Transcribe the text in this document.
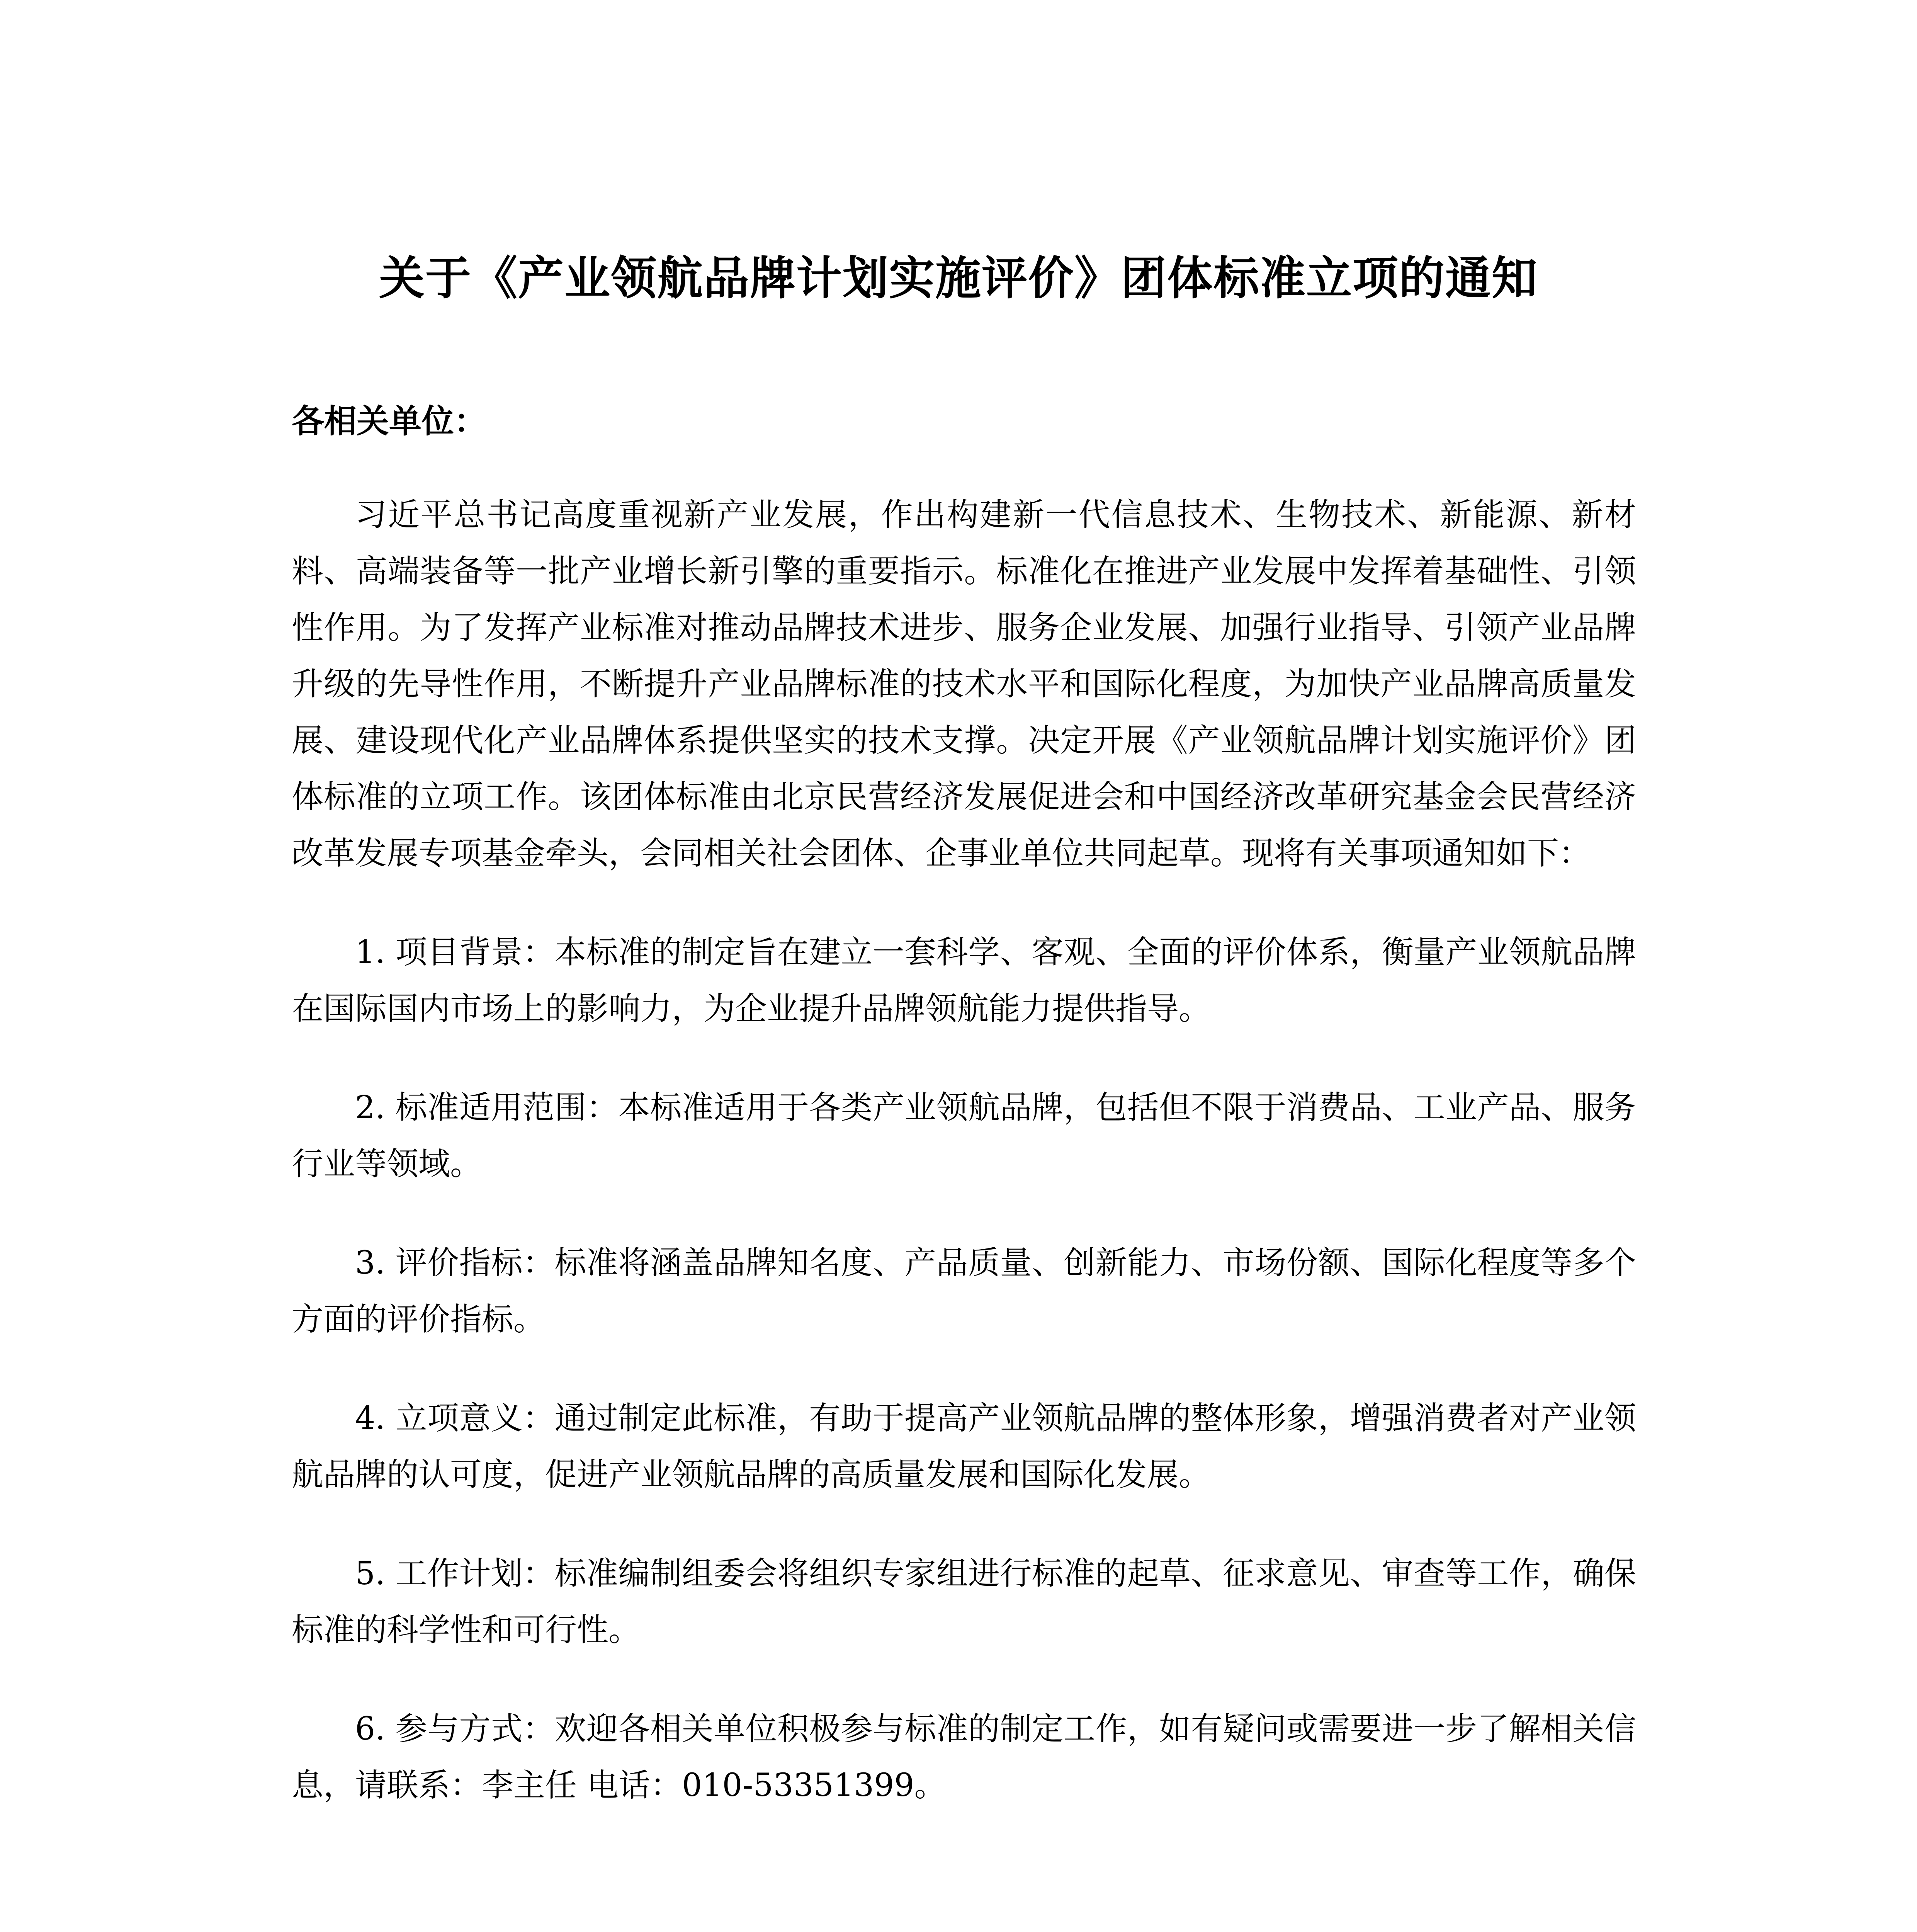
关于《产业领航品牌计划实施评价》团体标准立项的通知

各相关单位：

习近平总书记高度重视新产业发展，作出构建新一代信息技术、生物技术、新能源、新材料、高端装备等一批产业增长新引擎的重要指示。标准化在推进产业发展中发挥着基础性、引领性作用。为了发挥产业标准对推动品牌技术进步、服务企业发展、加强行业指导、引领产业品牌升级的先导性作用，不断提升产业品牌标准的技术水平和国际化程度，为加快产业品牌高质量发展、建设现代化产业品牌体系提供坚实的技术支撑。决定开展《产业领航品牌计划实施评价》团体标准的立项工作。该团体标准由北京民营经济发展促进会和中国经济改革研究基金会民营经济改革发展专项基金牵头，会同相关社会团体、企事业单位共同起草。现将有关事项通知如下：

1. 项目背景：本标准的制定旨在建立一套科学、客观、全面的评价体系，衡量产业领航品牌在国际国内市场上的影响力，为企业提升品牌领航能力提供指导。

2. 标准适用范围：本标准适用于各类产业领航品牌，包括但不限于消费品、工业产品、服务行业等领域。

3. 评价指标：标准将涵盖品牌知名度、产品质量、创新能力、市场份额、国际化程度等多个方面的评价指标。

4. 立项意义：通过制定此标准，有助于提高产业领航品牌的整体形象，增强消费者对产业领航品牌的认可度，促进产业领航品牌的高质量发展和国际化发展。

5. 工作计划：标准编制组委会将组织专家组进行标准的起草、征求意见、审查等工作，确保标准的科学性和可行性。

6. 参与方式：欢迎各相关单位积极参与标准的制定工作，如有疑问或需要进一步了解相关信息，请联系：李主任 电话：010-53351399。
